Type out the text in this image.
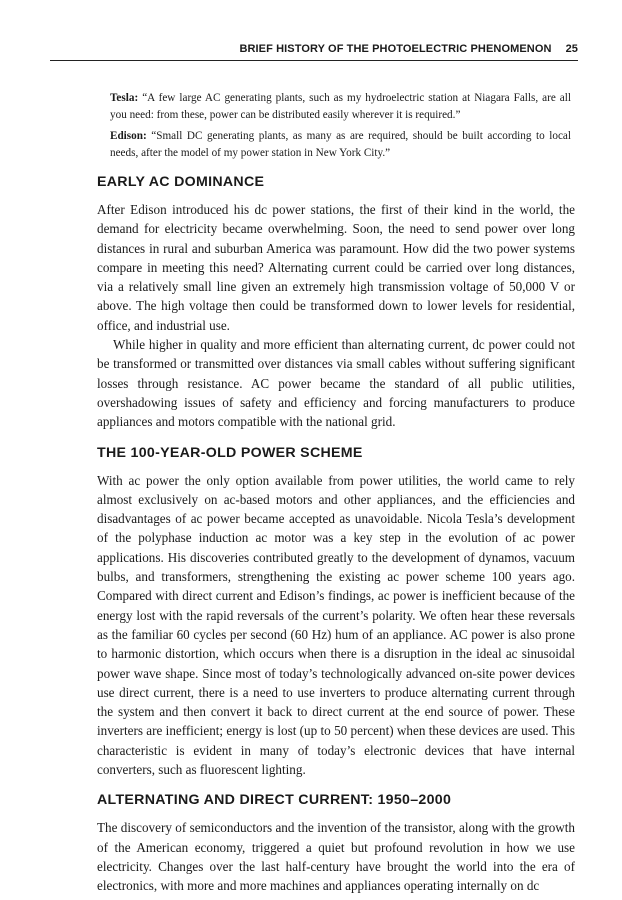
BRIEF HISTORY OF THE PHOTOELECTRIC PHENOMENON 25

Tesla: “A few large AC generating plants, such as my hydroelectric station at Niagara Falls, are all you need: from these, power can be distributed easily wherever it is required.”

Edison: “Small DC generating plants, as many as are required, should be built according to local needs, after the model of my power station in New York City.”

EARLY AC DOMINANCE

After Edison introduced his dc power stations, the first of their kind in the world, the demand for electricity became overwhelming. Soon, the need to send power over long distances in rural and suburban America was paramount. How did the two power systems compare in meeting this need? Alternating current could be carried over long distances, via a relatively small line given an extremely high transmission voltage of 50,000 V or above. The high voltage then could be transformed down to lower levels for residential, office, and industrial use.

While higher in quality and more efficient than alternating current, dc power could not be transformed or transmitted over distances via small cables without suffering significant losses through resistance. AC power became the standard of all public utilities, overshadowing issues of safety and efficiency and forcing manufacturers to produce appliances and motors compatible with the national grid.

THE 100-YEAR-OLD POWER SCHEME

With ac power the only option available from power utilities, the world came to rely almost exclusively on ac-based motors and other appliances, and the efficiencies and disadvantages of ac power became accepted as unavoidable. Nicola Tesla’s development of the polyphase induction ac motor was a key step in the evolution of ac power applications. His discoveries contributed greatly to the development of dynamos, vacuum bulbs, and transformers, strengthening the existing ac power scheme 100 years ago. Compared with direct current and Edison’s findings, ac power is inefficient because of the energy lost with the rapid reversals of the current’s polarity. We often hear these reversals as the familiar 60 cycles per second (60 Hz) hum of an appliance. AC power is also prone to harmonic distortion, which occurs when there is a disruption in the ideal ac sinusoidal power wave shape. Since most of today’s technologically advanced on-site power devices use direct current, there is a need to use inverters to produce alternating current through the system and then convert it back to direct current at the end source of power. These inverters are inefficient; energy is lost (up to 50 percent) when these devices are used. This characteristic is evident in many of today’s electronic devices that have internal converters, such as fluorescent lighting.

ALTERNATING AND DIRECT CURRENT: 1950–2000

The discovery of semiconductors and the invention of the transistor, along with the growth of the American economy, triggered a quiet but profound revolution in how we use electricity. Changes over the last half-century have brought the world into the era of electronics, with more and more machines and appliances operating internally on dc
